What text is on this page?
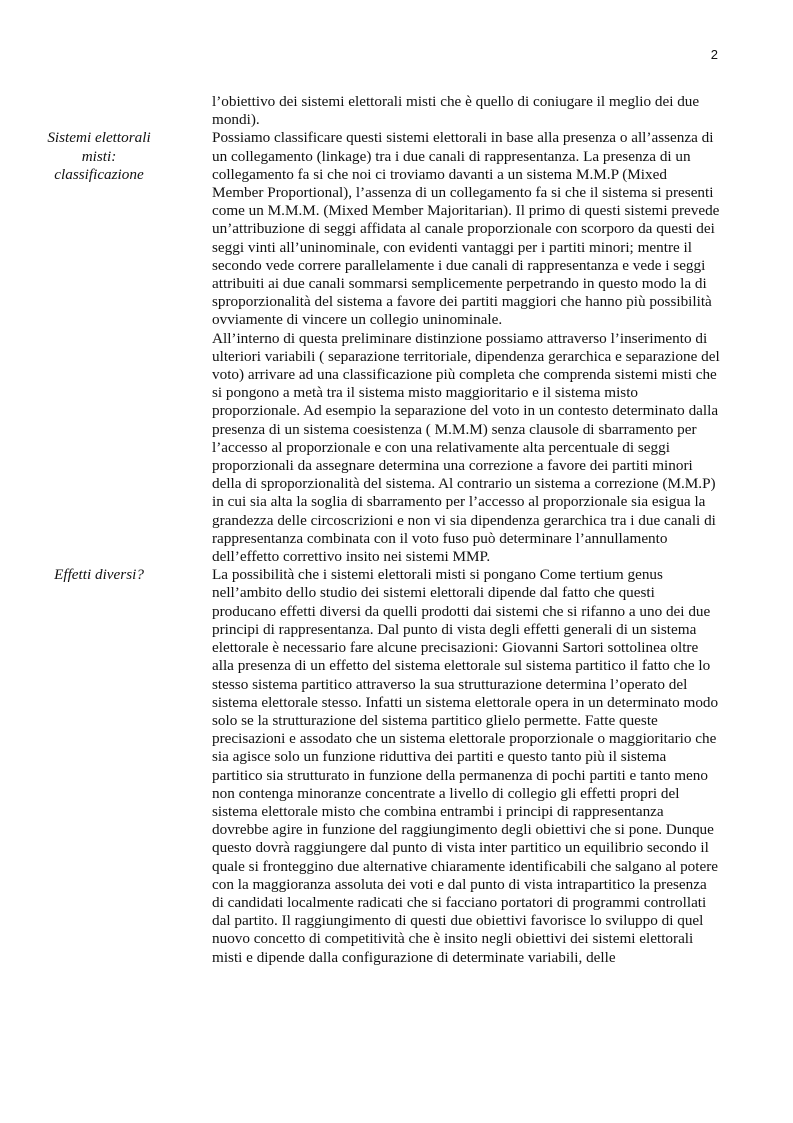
2

l’obiettivo dei sistemi elettorali misti che è quello di coniugare il meglio dei due mondi).

Sistemi elettorali
misti:
classificazione

Possiamo classificare questi sistemi elettorali in base alla presenza o all’assenza di un collegamento (linkage) tra i due canali di rappresentanza. La presenza di un collegamento fa si che noi ci troviamo davanti a un sistema M.M.P (Mixed Member Proportional), l’assenza di un collegamento fa si che il sistema si presenti come un M.M.M. (Mixed Member Majoritarian). Il primo di questi sistemi prevede un’attribuzione di seggi affidata al canale proporzionale con scorporo da questi dei seggi vinti all’uninominale, con evidenti vantaggi per i partiti minori; mentre il secondo vede correre parallelamente i due canali di rappresentanza e vede i seggi attribuiti ai due canali sommarsi semplicemente perpetrando in questo modo la di sproporzionalità del sistema a favore dei partiti maggiori che hanno più possibilità ovviamente di vincere un collegio uninominale.

All’interno di questa preliminare distinzione possiamo attraverso l’inserimento di ulteriori variabili ( separazione territoriale, dipendenza gerarchica e separazione del voto) arrivare ad una classificazione più completa che comprenda sistemi misti che si pongono a metà tra il sistema misto maggioritario e il sistema misto proporzionale. Ad esempio la separazione del voto in un contesto determinato dalla presenza di un sistema coesistenza ( M.M.M) senza clausole di sbarramento per l’accesso al proporzionale e con una relativamente alta percentuale di seggi proporzionali da assegnare determina una correzione a favore dei partiti minori della di sproporzionalità del sistema. Al contrario un sistema a correzione (M.M.P) in cui sia alta la soglia di sbarramento per l’accesso al proporzionale sia esigua la grandezza delle circoscrizioni e non vi sia dipendenza gerarchica tra i due canali di rappresentanza combinata con il voto fuso può determinare l’annullamento dell’effetto correttivo insito nei sistemi MMP.

Effetti diversi?	La possibilità che i sistemi elettorali misti si pongano Come tertium genus nell’ambito dello studio dei sistemi elettorali dipende dal fatto che questi producano effetti diversi da quelli prodotti dai sistemi che si rifanno a uno dei due principi di rappresentanza. Dal punto di vista degli effetti generali di un sistema elettorale è necessario fare alcune precisazioni: Giovanni Sartori sottolinea oltre alla presenza di un effetto del sistema elettorale sul sistema partitico il fatto che lo stesso sistema partitico attraverso la sua strutturazione determina l’operato del sistema elettorale stesso. Infatti un sistema elettorale opera in un determinato modo solo se la strutturazione del sistema partitico glielo permette. Fatte queste precisazioni e assodato che un sistema elettorale proporzionale o maggioritario che sia agisce solo un funzione riduttiva dei partiti e questo tanto più il sistema partitico sia strutturato in funzione della permanenza di pochi partiti e tanto meno non contenga minoranze concentrate a livello di collegio gli effetti propri del sistema elettorale misto che combina entrambi i principi di rappresentanza dovrebbe agire in funzione del raggiungimento degli obiettivi che si pone. Dunque questo dovrà raggiungere dal punto di vista inter partitico un equilibrio secondo il quale si fronteggino due alternative chiaramente identificabili che salgano al potere con la maggioranza assoluta dei voti e dal punto di vista intrapartitico la presenza di candidati localmente radicati che si facciano portatori di programmi controllati dal partito. Il raggiungimento di questi due obiettivi favorisce lo sviluppo di quel nuovo concetto di competitività che è insito negli obiettivi dei sistemi elettorali misti e dipende dalla configurazione di determinate variabili, delle
